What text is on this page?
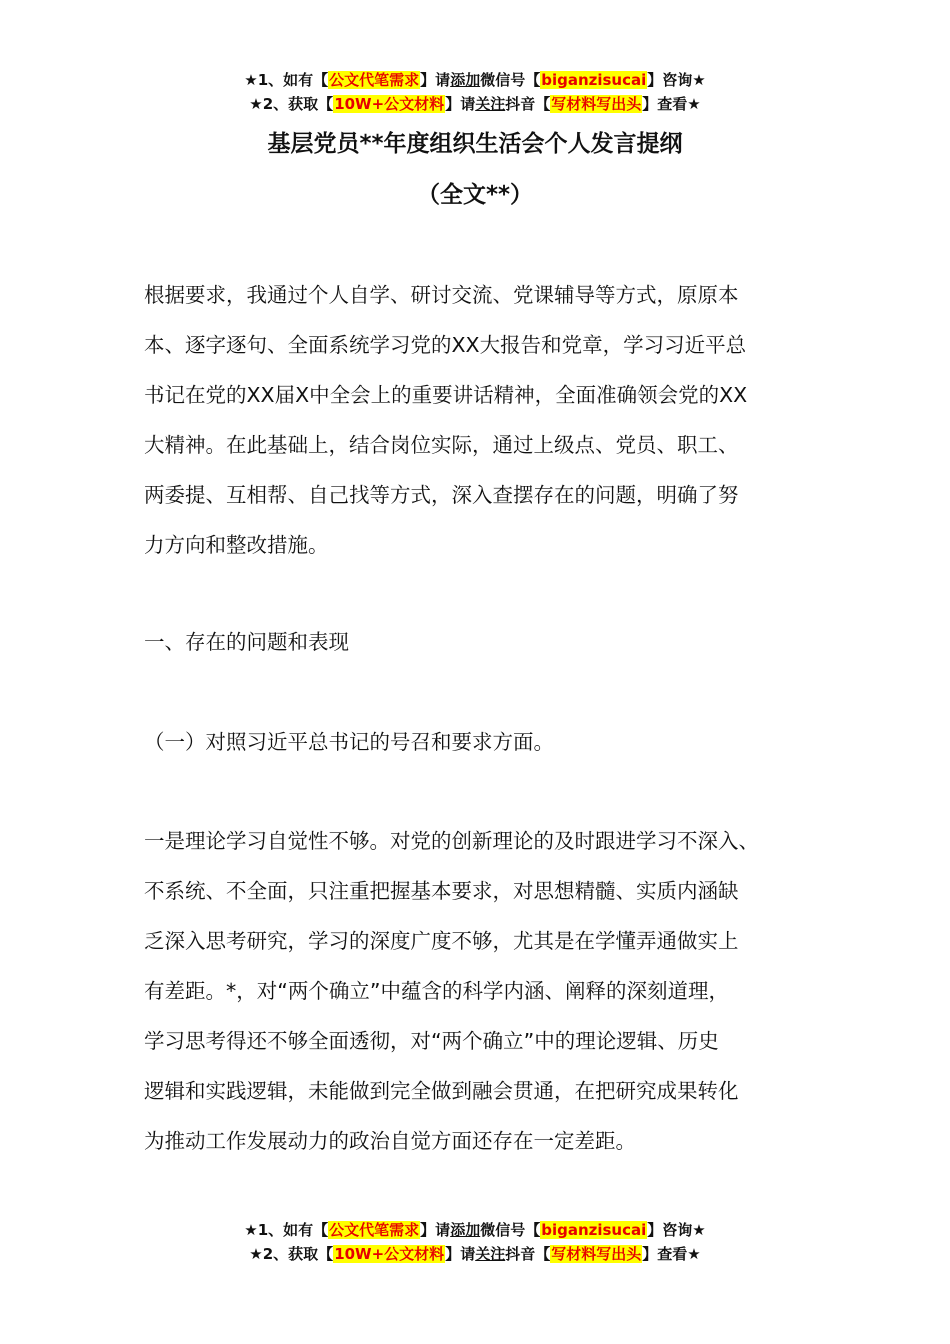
★1、如有【公文代笔需求】请添加微信号【biganzisucai】咨询★
★2、获取【10W+公文材料】请关注抖音【写材料写出头】查看★
基层党员**年度组织生活会个人发言提纲
（全文**）
根据要求，我通过个人自学、研讨交流、党课辅导等方式，原原本
本、逐字逐句、全面系统学习党的XX大报告和党章，学习习近平总
书记在党的XX届X中全会上的重要讲话精神，全面准确领会党的XX
大精神。在此基础上，结合岗位实际，通过上级点、党员、职工、
两委提、互相帮、自己找等方式，深入查摆存在的问题，明确了努
力方向和整改措施。
一、存在的问题和表现
（一）对照习近平总书记的号召和要求方面。
一是理论学习自觉性不够。对党的创新理论的及时跟进学习不深入、
不系统、不全面，只注重把握基本要求，对思想精髓、实质内涵缺
乏深入思考研究，学习的深度广度不够，尤其是在学懂弄通做实上
有差距。*，对“两个确立”中蕴含的科学内涵、阐释的深刻道理，
学习思考得还不够全面透彻，对“两个确立”中的理论逻辑、历史
逻辑和实践逻辑，未能做到完全做到融会贯通，在把研究成果转化
为推动工作发展动力的政治自觉方面还存在一定差距。
★1、如有【公文代笔需求】请添加微信号【biganzisucai】咨询★
★2、获取【10W+公文材料】请关注抖音【写材料写出头】查看★
